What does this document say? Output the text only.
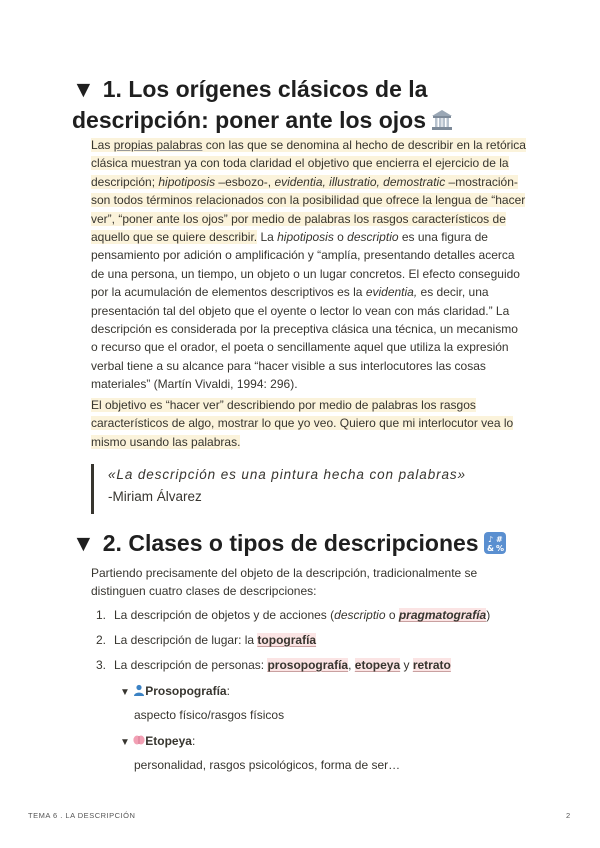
▼ 1. Los orígenes clásicos de la
descripción: poner ante los ojos
Las propias palabras con las que se denomina al hecho de describir en la retórica clásica muestran ya con toda claridad el objetivo que encierra el ejercicio de la descripción; hipotiposis –esbozo-, evidentia, illustratio, demostratic –mostración- son todos términos relacionados con la posibilidad que ofrece la lengua de “hacer ver”, “poner ante los ojos” por medio de palabras los rasgos característicos de aquello que se quiere describir. La hipotiposis o descriptio es una figura de pensamiento por adición o amplificación y “amplía, presentando detalles acerca de una persona, un tiempo, un objeto o un lugar concretos. El efecto conseguido por la acumulación de elementos descriptivos es la evidentia, es decir, una presentación tal del objeto que el oyente o lector lo vean con más claridad.” La descripción es considerada por la preceptiva clásica una técnica, un mecanismo o recurso que el orador, el poeta o sencillamente aquel que utiliza la expresión verbal tiene a su alcance para “hacer visible a sus interlocutores las cosas materiales” (Martín Vivaldi, 1994: 296).
El objetivo es “hacer ver” describiendo por medio de palabras los rasgos característicos de algo, mostrar lo que yo veo. Quiero que mi interlocutor vea lo mismo usando las palabras.
«La descripción es una pintura hecha con palabras»
-Miriam Álvarez
▼ 2. Clases o tipos de descripciones ♪ #
& %
Partiendo precisamente del objeto de la descripción, tradicionalmente se distinguen cuatro clases de descripciones:
1. La descripción de objetos y de acciones (descriptio o pragmatografía)
2. La descripción de lugar: la topografía
3. La descripción de personas: prosopografía, etopeya y retrato
▼ Prosopografía:
aspecto físico/rasgos físicos
▼ Etopeya:
personalidad, rasgos psicológicos, forma de ser…
TEMA 6 . LA DESCRIPCIÓN	2
